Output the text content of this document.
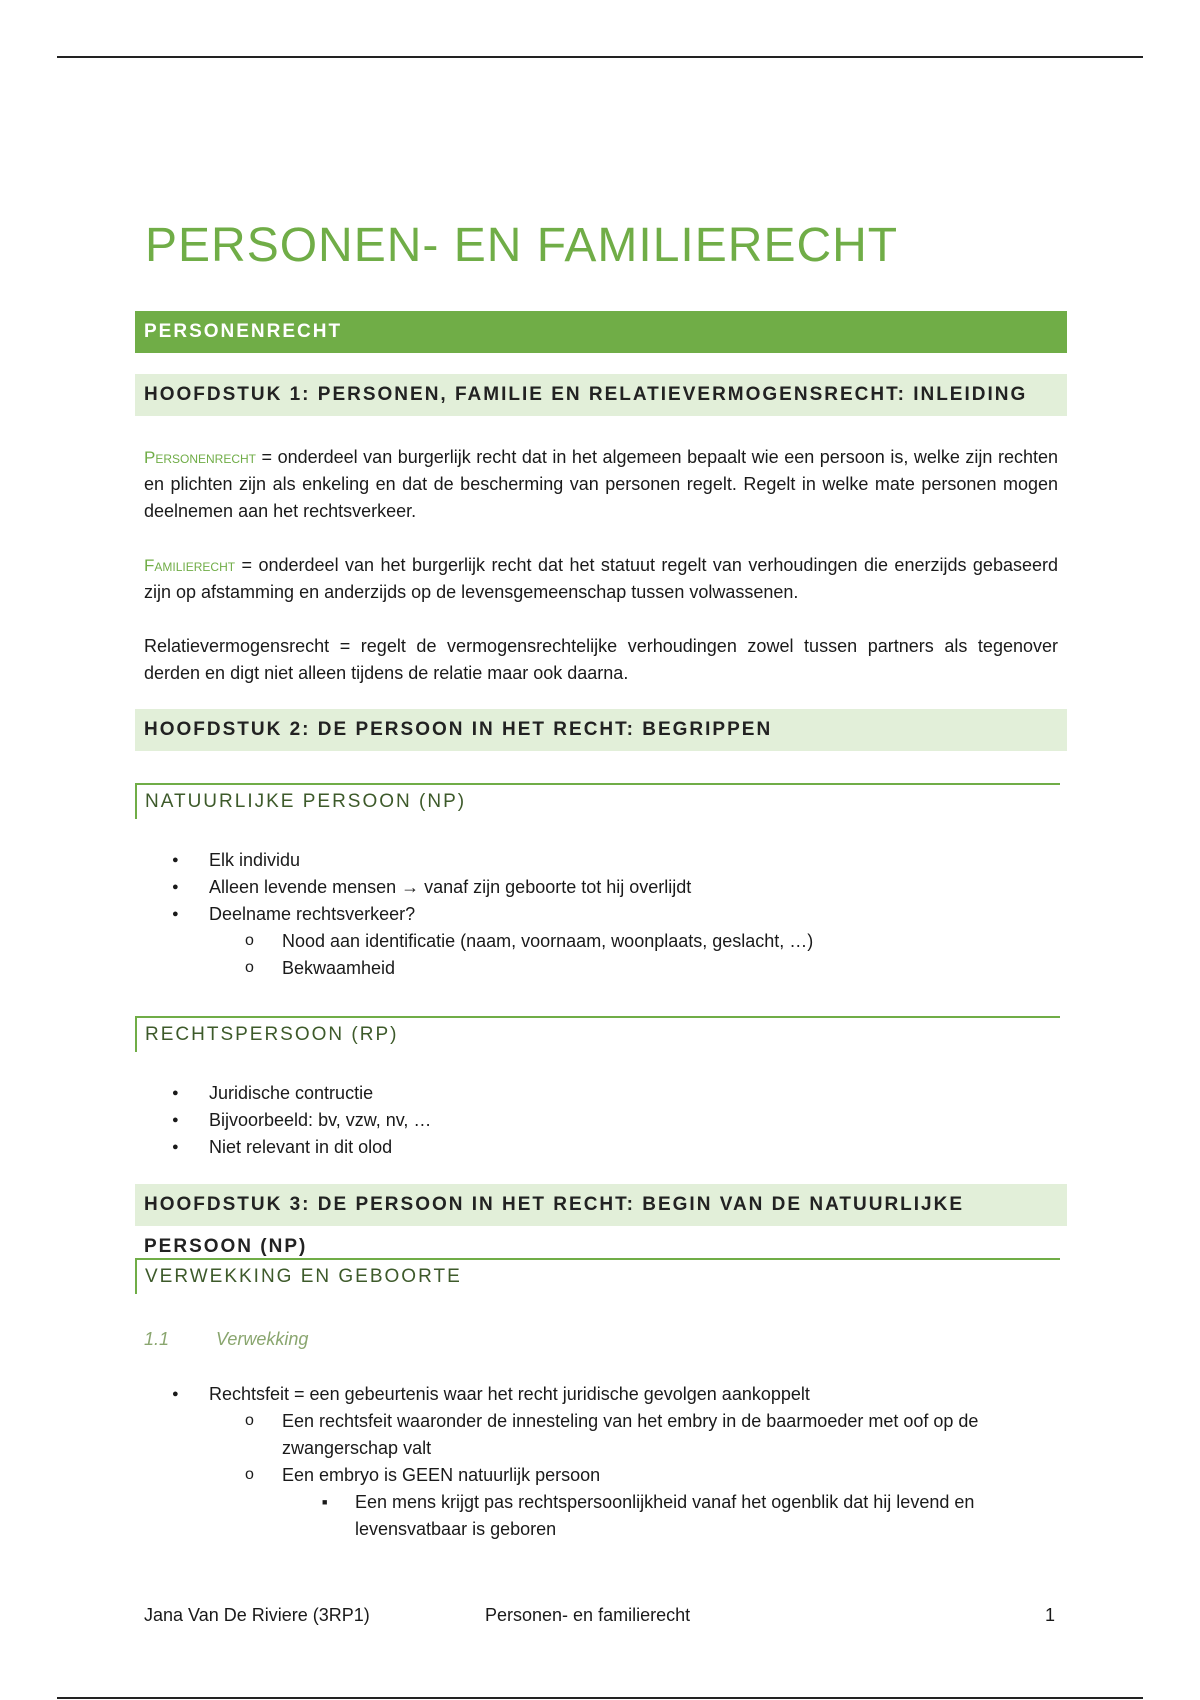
PERSONEN- EN FAMILIERECHT
PERSONENRECHT
HOOFDSTUK 1: PERSONEN, FAMILIE EN RELATIEVERMOGENSRECHT: INLEIDING

Personenrecht = onderdeel van burgerlijk recht dat in het algemeen bepaalt wie een persoon is, welke zijn rechten en plichten zijn als enkeling en dat de bescherming van personen regelt. Regelt in welke mate personen mogen deelnemen aan het rechtsverkeer.

Familierecht = onderdeel van het burgerlijk recht dat het statuut regelt van verhoudingen die enerzijds gebaseerd zijn op afstamming en anderzijds op de levensgemeenschap tussen volwassenen.

Relatievermogensrecht = regelt de vermogensrechtelijke verhoudingen zowel tussen partners als tegenover derden en digt niet alleen tijdens de relatie maar ook daarna.

HOOFDSTUK 2: DE PERSOON IN HET RECHT: BEGRIPPEN
NATUURLIJKE PERSOON (NP)
● Elk individu
● Alleen levende mensen → vanaf zijn geboorte tot hij overlijdt
● Deelname rechtsverkeer?
o Nood aan identificatie (naam, voornaam, woonplaats, geslacht, …)
o Bekwaamheid
RECHTSPERSOON (RP)
● Juridische contructie
● Bijvoorbeeld: bv, vzw, nv, …
● Niet relevant in dit olod
HOOFDSTUK 3: DE PERSOON IN HET RECHT: BEGIN VAN DE NATUURLIJKE PERSOON (NP)
VERWEKKING EN GEBOORTE
1.1	Verwekking
● Rechtsfeit = een gebeurtenis waar het recht juridische gevolgen aankoppelt
o Een rechtsfeit waaronder de innesteling van het embry in de baarmoeder met oof op de zwangerschap valt
o Een embryo is GEEN natuurlijk persoon
■ Een mens krijgt pas rechtspersoonlijkheid vanaf het ogenblik dat hij levend en levensvatbaar is geboren
Jana Van De Riviere (3RP1)	Personen- en familierecht	1
